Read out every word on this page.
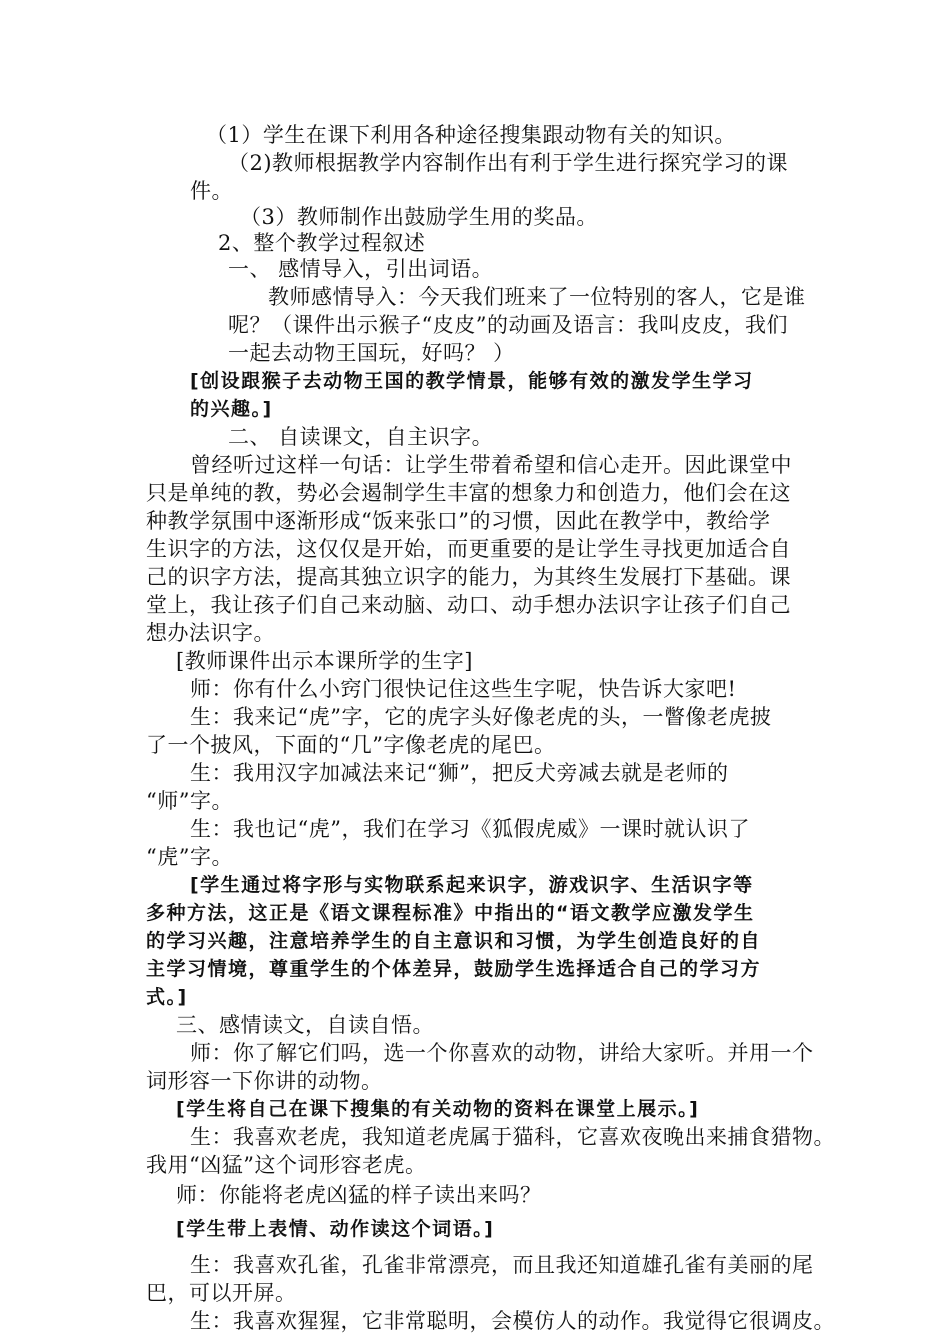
（1）学生在课下利用各种途径搜集跟动物有关的知识。
（2)教师根据教学内容制作出有利于学生进行探究学习的课
件。
（3）教师制作出鼓励学生用的奖品。
2、整个教学过程叙述
一、 感情导入，引出词语。
教师感情导入：今天我们班来了一位特别的客人，它是谁
呢？（课件出示猴子“皮皮”的动画及语言：我叫皮皮，我们
一起去动物王国玩，好吗？ ）
[创设跟猴子去动物王国的教学情景，能够有效的激发学生学习
的兴趣。]
二、 自读课文，自主识字。
曾经听过这样一句话：让学生带着希望和信心走开。因此课堂中
只是单纯的教，势必会遏制学生丰富的想象力和创造力，他们会在这
种教学氛围中逐渐形成“饭来张口”的习惯，因此在教学中，教给学
生识字的方法，这仅仅是开始，而更重要的是让学生寻找更加适合自
己的识字方法，提高其独立识字的能力，为其终生发展打下基础。课
堂上，我让孩子们自己来动脑、动口、动手想办法识字让孩子们自己
想办法识字。
[教师课件出示本课所学的生字]
师：你有什么小窍门很快记住这些生字呢，快告诉大家吧!
生：我来记“虎”字，它的虎字头好像老虎的头，一瞥像老虎披
了一个披风，下面的“几”字像老虎的尾巴。
生：我用汉字加减法来记“狮”，把反犬旁减去就是老师的
“师”字。
生：我也记“虎”，我们在学习《狐假虎威》一课时就认识了
“虎”字。
[学生通过将字形与实物联系起来识字，游戏识字、生活识字等
多种方法，这正是《语文课程标准》中指出的“语文教学应激发学生
的学习兴趣，注意培养学生的自主意识和习惯，为学生创造良好的自
主学习情境，尊重学生的个体差异，鼓励学生选择适合自己的学习方
式。]
三、感情读文，自读自悟。
师：你了解它们吗，选一个你喜欢的动物，讲给大家听。并用一个
词形容一下你讲的动物。
[学生将自己在课下搜集的有关动物的资料在课堂上展示。]
生：我喜欢老虎，我知道老虎属于猫科，它喜欢夜晚出来捕食猎物。
我用“凶猛”这个词形容老虎。
师：你能将老虎凶猛的样子读出来吗？
[学生带上表情、动作读这个词语。]
生：我喜欢孔雀，孔雀非常漂亮，而且我还知道雄孔雀有美丽的尾
巴，可以开屏。
生：我喜欢猩猩，它非常聪明，会模仿人的动作。我觉得它很调皮。
